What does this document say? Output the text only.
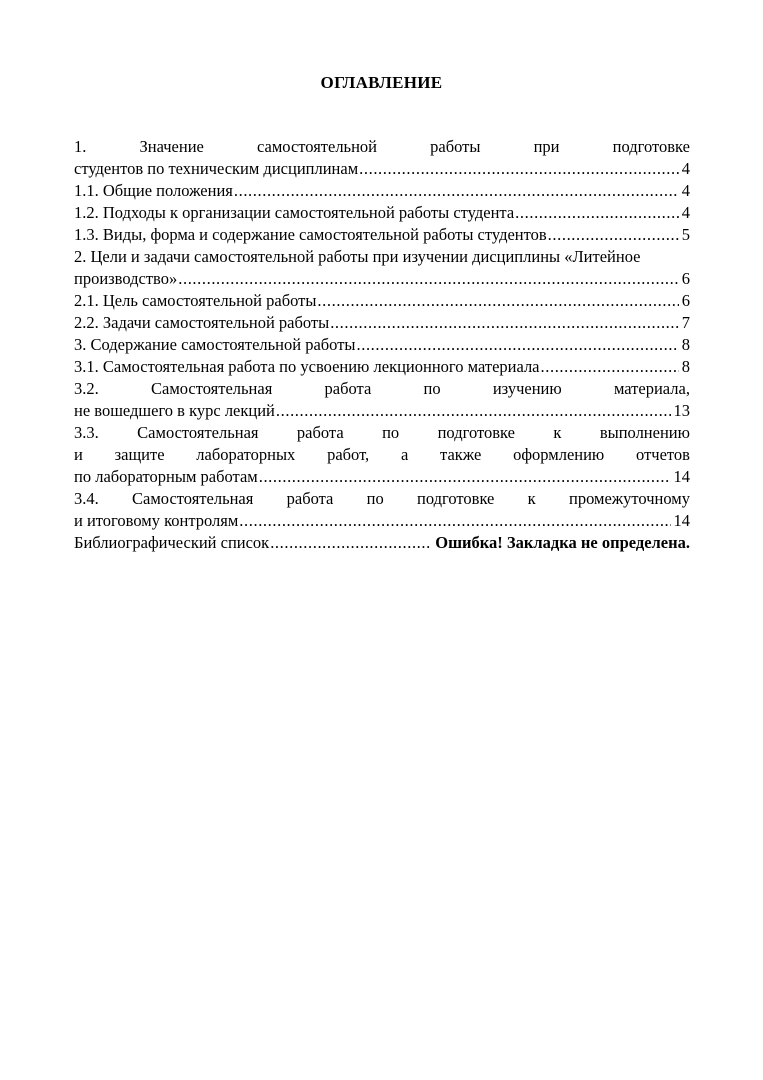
ОГЛАВЛЕНИЕ
1.	Значение	самостоятельной	работы	при	подготовке
студентов по техническим дисциплинам .....	4
1.1. Общие положения .....	4
1.2. Подходы к организации самостоятельной работы студента .....	4
1.3. Виды, форма и содержание самостоятельной работы студентов .....	5
2. Цели и задачи самостоятельной работы при изучении дисциплины «Литейное
производство» .....	6
2.1. Цель самостоятельной работы .....	6
2.2. Задачи самостоятельной работы .....	7
3. Содержание самостоятельной работы .....	8
3.1. Самостоятельная работа по усвоению лекционного материала .....	8
3.2.	Самостоятельная	работа	по	изучению	материала,
не вошедшего в курс лекций .....	13
3.3. Самостоятельная работа по подготовке к выполнению
и защите лабораторных работ, а также оформлению отчетов
по лабораторным работам .....	14
3.4. Самостоятельная работа по подготовке к промежуточному
и итоговому контролям .....	14
Библиографический список .....	Ошибка! Закладка не определена.
